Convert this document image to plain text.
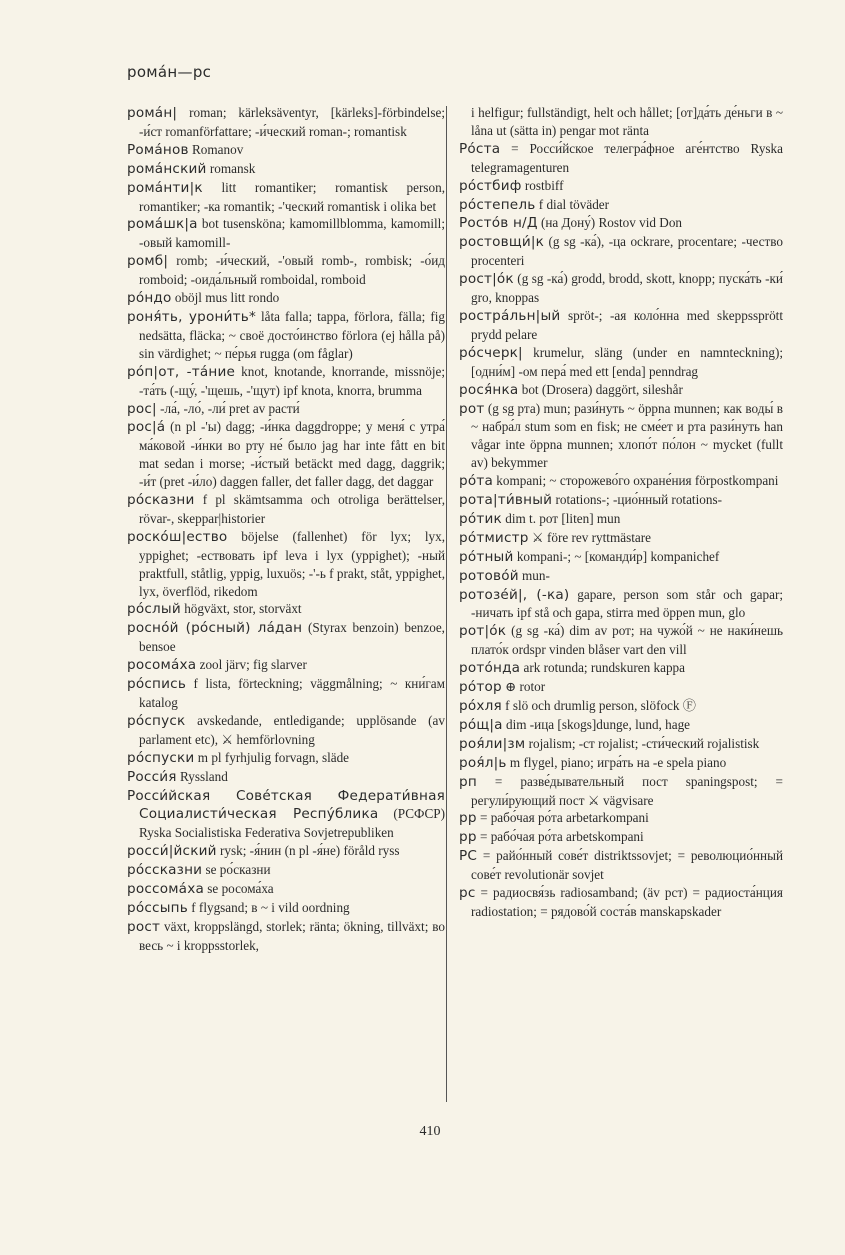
рома́н—рс

рома́н| roman; kärleksäventyr, [kärleks]-förbindelse; -и́ст romanförfattare; -и́ческий roman-; romantisk

Рома́нов Romanov

рома́нский romansk

рома́нти|к litt romantiker; romantisk person, romantiker; -ка romantik; -'ческий romantisk i olika bet

рома́шк|а bot tusensköna; kamomillblomma, kamomill; -овый kamomill-

ромб| romb; -и́ческий, -'овый romb-, rombisk; -о́ид romboid; -оида́льный romboidal, romboid

ро́ндо oböjl mus litt rondo

роня́ть, урони́ть* låta falla; tappa, förlora, fälla; fig nedsätta, fläcka; ~ своё досто́инство förlora (ej hålla på) sin värdighet; ~ пе́рья rugga (om fåglar)

ро́п|от, -та́ние knot, knotande, knorrande, missnöje; -та́ть (-щу́, -'щешь, -'щут) ipf knota, knorra, brumma

рос| -ла́, -ло́, -ли́ pret av расти́

рос|а́ (n pl -'ы) dagg; -и́нка daggdroppe; у меня́ с утра́ ма́ковой -и́нки во рту не́ было jag har inte fått en bit mat sedan i morse; -и́стый betäckt med dagg, daggrik; -и́т (pret -и́ло) daggen faller, det faller dagg, det daggar

ро́сказни f pl skämtsamma och otroliga berättelser, rövar-, skeppar|historier

роско́ш|ество böjelse (fallenhet) för lyx; lyx, yppighet; -ествовать ipf leva i lyx (yppighet); -ный praktfull, ståtlig, yppig, luxuös; -'-ь f prakt, ståt, yppighet, lyx, överflöd, rikedom

ро́слый högväxt, stor, storväxt

росно́й (ро́сный) ла́дан (Styrax benzoin) benzoe, bensoe

росома́ха zool järv; fig slarver

ро́спись f lista, förteckning; väggmålning; ~ кни́гам katalog

ро́спуск avskedande, entledigande; upplösande (av parlament etc), ⚔ hemförlovning

ро́спуски m pl fyrhjulig forvagn, släde

Росси́я Ryssland

Росси́йская Сове́тская Федерати́вная Социалисти́ческая Респу́блика (РСФСР) Ryska Socialistiska Federativa Sovjetrepubliken

росси́|йский rysk; -я́нин (n pl -я́не) föråld ryss

ро́ссказни se ро́сказни

россома́ха se росома́ха

ро́ссыпь f flygsand; в ~ i vild oordning

рост växt, kroppslängd, storlek; ränta; ökning, tillväxt; во весь ~ i kroppsstorlek,

i helfigur; fullständigt, helt och hållet; [от]да́ть де́ньги в ~ låna ut (sätta in) pengar mot ränta

Ро́ста = Росси́йское телегра́фное аге́нтство Ryska telegramagenturen

ро́стбиф rostbiff

ро́степель f dial töväder

Росто́в н/Д (на Дону́) Rostov vid Don

ростовщи́|к (g sg -ка́), -ца ockrare, procentare; -чество procenteri

рост|о́к (g sg -ка́) grodd, brodd, skott, knopp; пуска́ть -ки́ gro, knoppas

ростра́льн|ый spröt-; -ая коло́нна med skeppssprött prydd pelare

ро́счерк| krumelur, släng (under en namnteckning); [одни́м] -ом пера́ med ett [enda] penndrag

рося́нка bot (Drosera) daggört, sileshår

рот (g sg рта) mun; рази́нуть ~ öppna munnen; как воды́ в ~ набра́л stum som en fisk; не сме́ет и рта рази́нуть han vågar inte öppna munnen; хлопо́т по́лон ~ mycket (fullt av) bekymmer

ро́та kompani; ~ сторожево́го охране́ния förpostkompani

рота|ти́вный rotations-; -цио́нный rotations-

ро́тик dim t. рот [liten] mun

ро́тмистр ⚔ före rev ryttmästare

ро́тный kompani-; ~ [команди́р] kompanichef

ротово́й mun-

ротозе́й|, (-ка) gapare, person som står och gapar; -ничать ipf stå och gapa, stirra med öppen mun, glo

рот|о́к (g sg -ка́) dim av рот; на чужо́й ~ не наки́нешь плато́к ordspr vinden blåser vart den vill

рото́нда ark rotunda; rundskuren kappa

ро́тор ⊕ rotor

ро́хля f slö och drumlig person, slöfock Ⓕ

ро́щ|а dim -ица [skogs]dunge, lund, hage

роя́ли|зм rojalism; -ст rojalist; -сти́ческий rojalistisk

роя́л|ь m flygel, piano; игра́ть на -е spela piano

рп = разве́дывательный пост spaningspost; = регули́рующий пост ⚔ vägvisare

рр = рабо́чая ро́та arbetarkompani

рр = рабо́чая ро́та arbetskompani

РС = райо́нный сове́т distriktssovjet; = революцио́нный сове́т revolutionär sovjet

рс = радиосвя́зь radiosamband; (äv рст) = радиоста́нция radiostation; = рядово́й соста́в manskapskader

410
